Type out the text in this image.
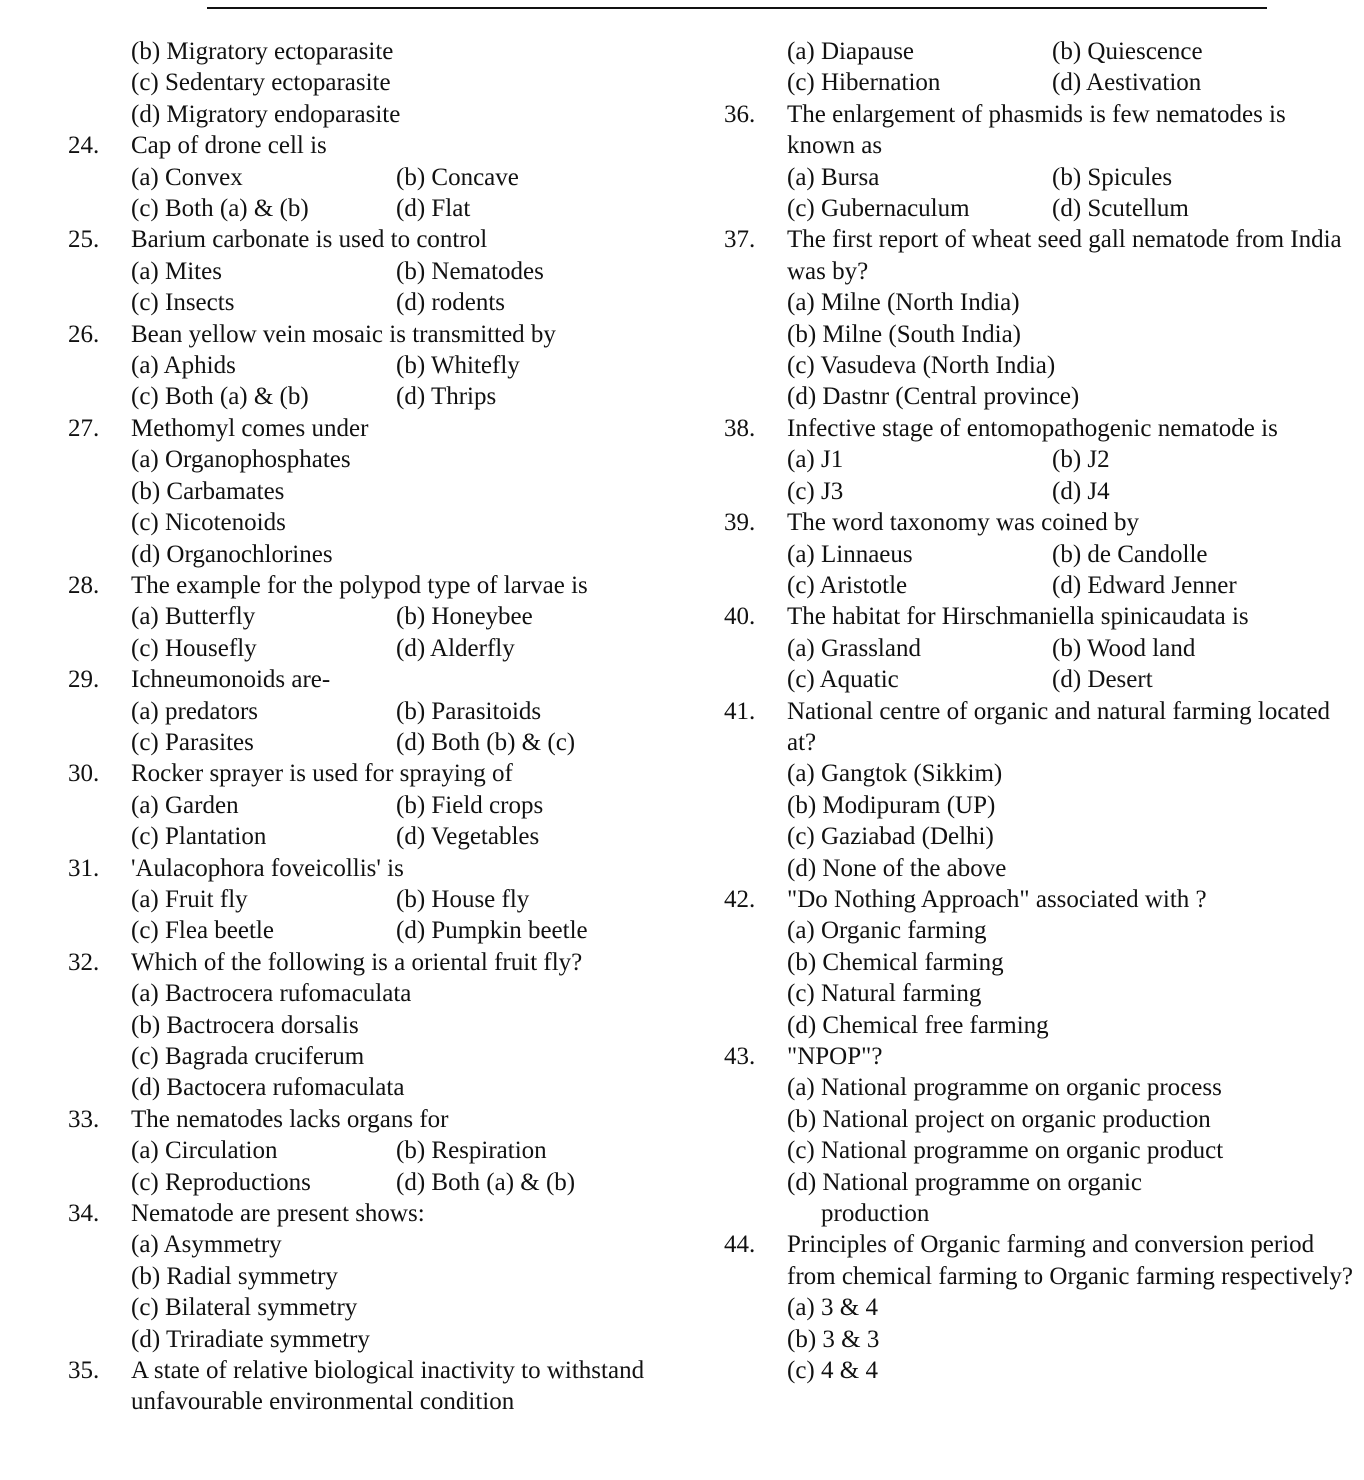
(b) Migratory ectoparasite
(c) Sedentary ectoparasite
(d) Migratory endoparasite
24. Cap of drone cell is
(a) Convex	(b) Concave
(c) Both (a) & (b)	(d) Flat
25. Barium carbonate is used to control
(a) Mites	(b) Nematodes
(c) Insects	(d) rodents
26. Bean yellow vein mosaic is transmitted by
(a) Aphids	(b) Whitefly
(c) Both (a) & (b)	(d) Thrips
27. Methomyl comes under
(a) Organophosphates
(b) Carbamates
(c) Nicotenoids
(d) Organochlorines
28. The example for the polypod type of larvae is
(a) Butterfly	(b) Honeybee
(c) Housefly	(d) Alderfly
29. Ichneumonoids are-
(a) predators	(b) Parasitoids
(c) Parasites	(d) Both (b) & (c)
30. Rocker sprayer is used for spraying of
(a) Garden	(b) Field crops
(c) Plantation	(d) Vegetables
31. 'Aulacophora foveicollis' is
(a) Fruit fly	(b) House fly
(c) Flea beetle	(d) Pumpkin beetle
32. Which of the following is a oriental fruit fly?
(a) Bactrocera rufomaculata
(b) Bactrocera dorsalis
(c) Bagrada cruciferum
(d) Bactocera rufomaculata
33. The nematodes lacks organs for
(a) Circulation	(b) Respiration
(c) Reproductions	(d) Both (a) & (b)
34. Nematode are present shows:
(a) Asymmetry
(b) Radial symmetry
(c) Bilateral symmetry
(d) Triradiate symmetry
35. A state of relative biological inactivity to withstand unfavourable environmental condition
(a) Diapause	(b) Quiescence
(c) Hibernation	(d) Aestivation
36. The enlargement of phasmids is few nematodes is known as
(a) Bursa	(b) Spicules
(c) Gubernaculum	(d) Scutellum
37. The first report of wheat seed gall nematode from India was by?
(a) Milne (North India)
(b) Milne (South India)
(c) Vasudeva (North India)
(d) Dastnr (Central province)
38. Infective stage of entomopathogenic nematode is
(a) J1	(b) J2
(c) J3	(d) J4
39. The word taxonomy was coined by
(a) Linnaeus	(b) de Candolle
(c) Aristotle	(d) Edward Jenner
40. The habitat for Hirschmaniella spinicaudata is
(a) Grassland	(b) Wood land
(c) Aquatic	(d) Desert
41. National centre of organic and natural farming located at?
(a) Gangtok (Sikkim)
(b) Modipuram (UP)
(c) Gaziabad (Delhi)
(d) None of the above
42. "Do Nothing Approach" associated with ?
(a) Organic farming
(b) Chemical farming
(c) Natural farming
(d) Chemical free farming
43. "NPOP"?
(a) National programme on organic process
(b) National project on organic production
(c) National programme on organic product
(d) National programme on organic
production
44. Principles of Organic farming and conversion period from chemical farming to Organic farming respectively?
(a) 3 & 4
(b) 3 & 3
(c) 4 & 4
